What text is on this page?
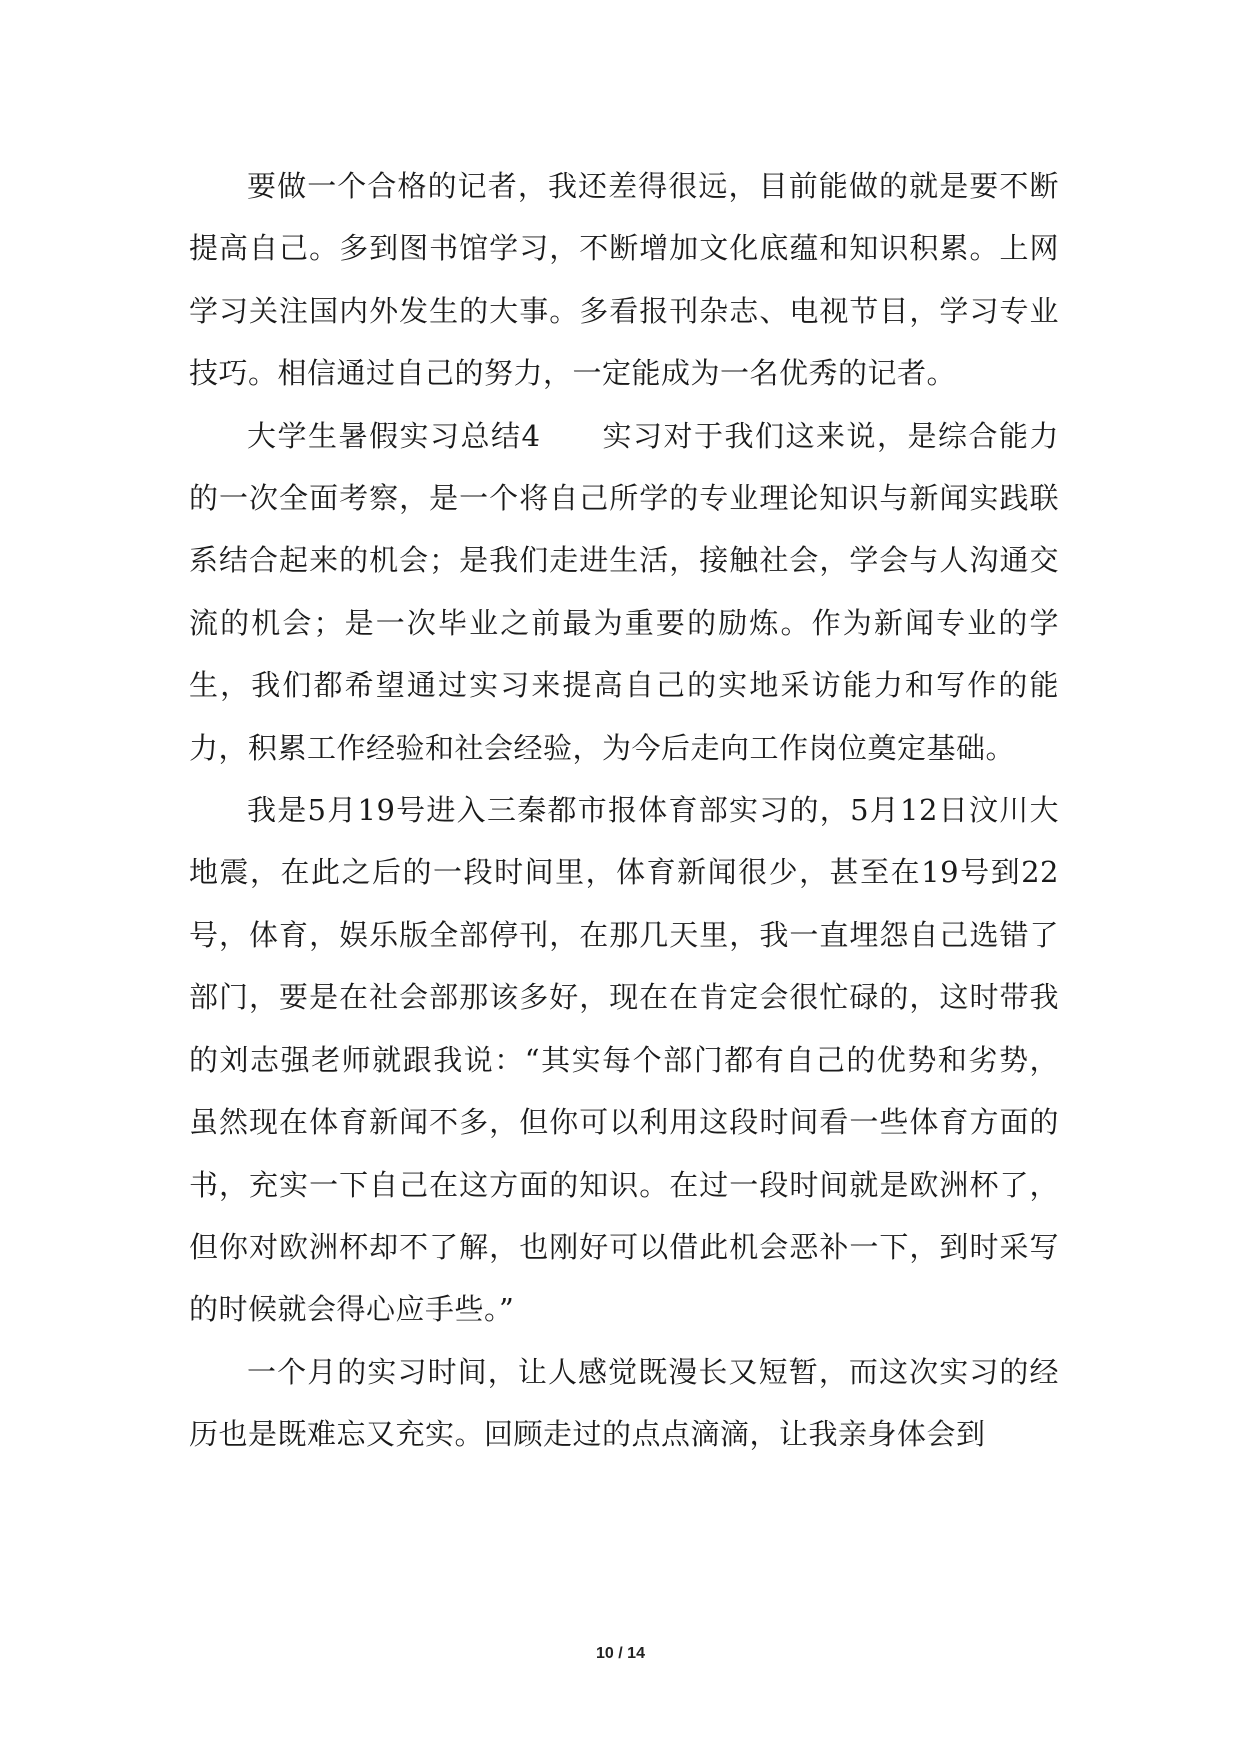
要做一个合格的记者，我还差得很远，目前能做的就是要不断提高自己。多到图书馆学习，不断增加文化底蕴和知识积累。上网学习关注国内外发生的大事。多看报刊杂志、电视节目，学习专业技巧。相信通过自己的努力，一定能成为一名优秀的记者。

大学生暑假实习总结4　　实习对于我们这来说，是综合能力的一次全面考察，是一个将自己所学的专业理论知识与新闻实践联系结合起来的机会；是我们走进生活，接触社会，学会与人沟通交流的机会；是一次毕业之前最为重要的励炼。作为新闻专业的学生，我们都希望通过实习来提高自己的实地采访能力和写作的能力，积累工作经验和社会经验，为今后走向工作岗位奠定基础。

我是5月19号进入三秦都市报体育部实习的，5月12日汶川大地震，在此之后的一段时间里，体育新闻很少，甚至在19号到22号，体育，娱乐版全部停刊，在那几天里，我一直埋怨自己选错了部门，要是在社会部那该多好，现在在肯定会很忙碌的，这时带我的刘志强老师就跟我说：“其实每个部门都有自己的优势和劣势，虽然现在体育新闻不多，但你可以利用这段时间看一些体育方面的书，充实一下自己在这方面的知识。在过一段时间就是欧洲杯了，但你对欧洲杯却不了解，也刚好可以借此机会恶补一下，到时采写的时候就会得心应手些。”

一个月的实习时间，让人感觉既漫长又短暂，而这次实习的经历也是既难忘又充实。回顾走过的点点滴滴，让我亲身体会到

10 / 14
